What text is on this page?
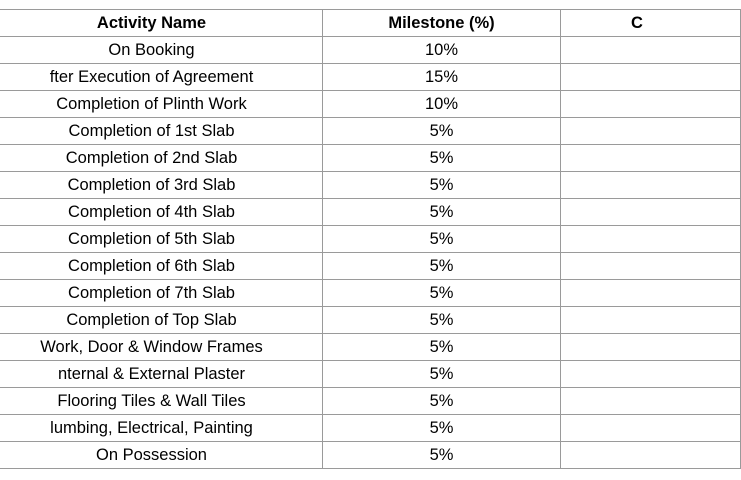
Activity Name	Milestone (%)	C
On Booking	10%	
fter Execution of Agreement	15%	
Completion of Plinth Work	10%	
Completion of 1st Slab	5%	
Completion of 2nd Slab	5%	
Completion of 3rd Slab	5%	
Completion of 4th Slab	5%	
Completion of 5th Slab	5%	
Completion of 6th Slab	5%	
Completion of 7th Slab	5%	
Completion of Top Slab	5%	
Work, Door & Window Frames	5%	
nternal & External Plaster	5%	
Flooring Tiles & Wall Tiles	5%	
lumbing, Electrical, Painting	5%	
On Possession	5%	
